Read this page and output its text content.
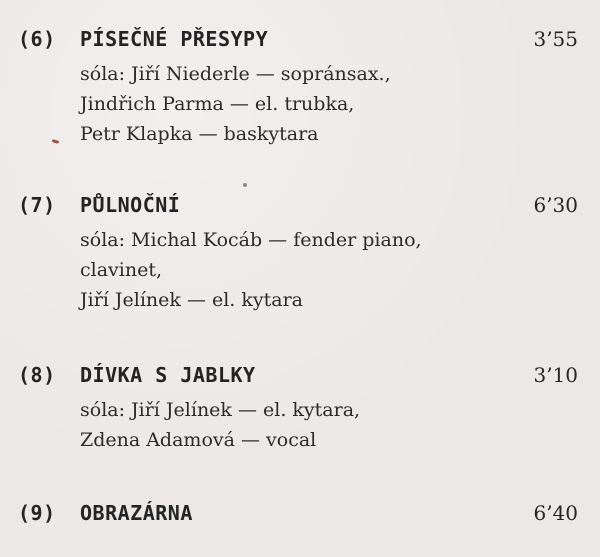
(6) PÍSEČNÉ PŘESYPY	3’55
sóla: Jiří Niederle — sopránsax.,
Jindřich Parma — el. trubka,
Petr Klapka — baskytara
(7) PŮLNOČNÍ	6’30
sóla: Michal Kocáb — fender piano,
clavinet,
Jiří Jelínek — el. kytara
(8) DÍVKA S JABLKY	3’10
sóla: Jiří Jelínek — el. kytara,
Zdena Adamová — vocal
(9) OBRAZÁRNA	6’40
